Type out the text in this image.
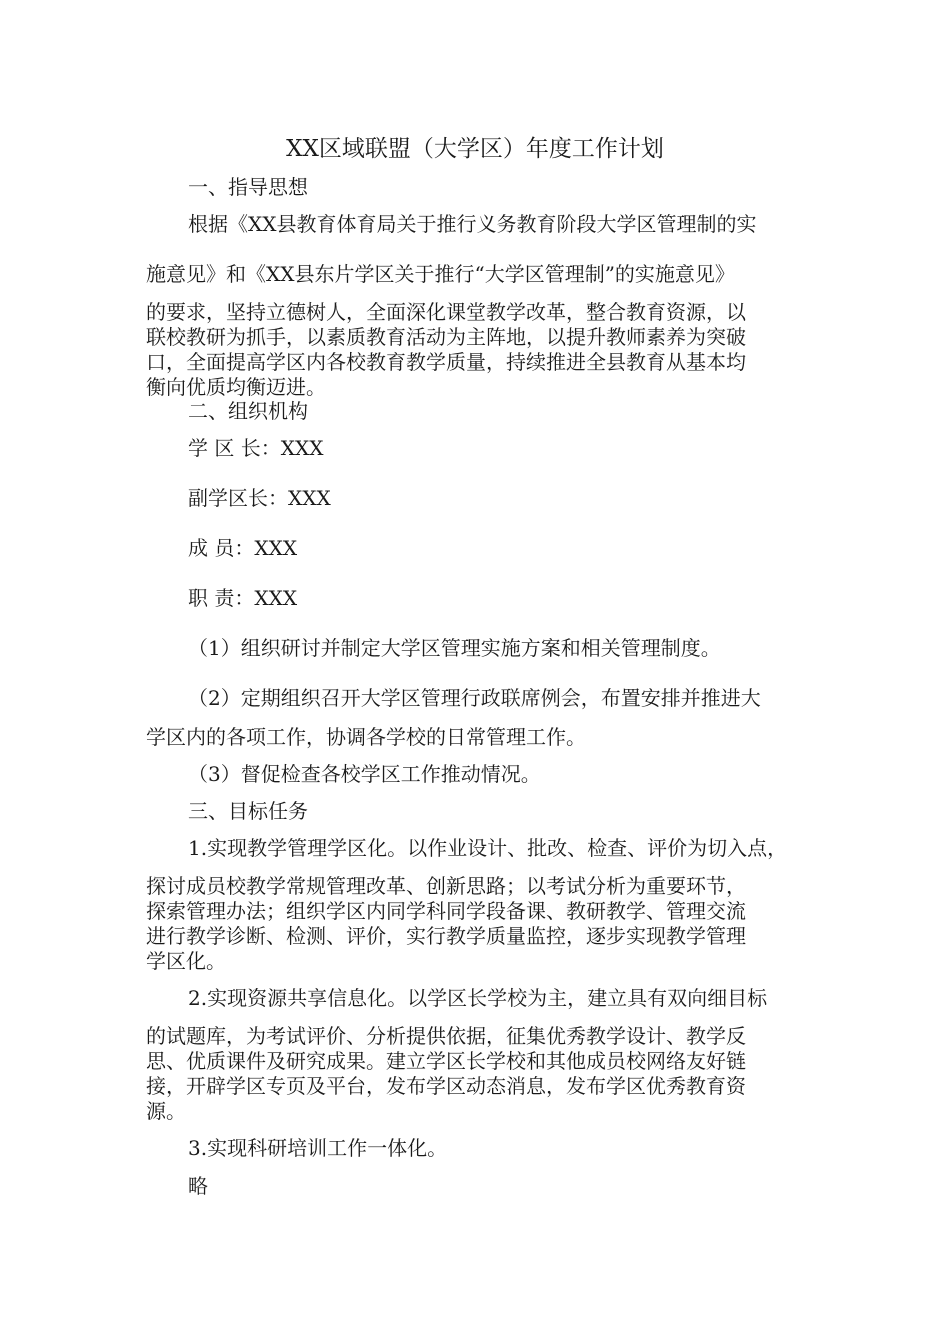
XX区域联盟（大学区）年度工作计划
一、指导思想
根据《XX县教育体育局关于推行义务教育阶段大学区管理制的实
施意见》和《XX县东片学区关于推行“大学区管理制”的实施意见》
的要求，坚持立德树人，全面深化课堂教学改革，整合教育资源，以
联校教研为抓手，以素质教育活动为主阵地，以提升教师素养为突破
口，全面提高学区内各校教育教学质量，持续推进全县教育从基本均
衡向优质均衡迈进。
二、组织机构
学 区 长：XXX
副学区长：XXX
成 员：XXX
职 责：XXX
（1）组织研讨并制定大学区管理实施方案和相关管理制度。
（2）定期组织召开大学区管理行政联席例会，布置安排并推进大
学区内的各项工作，协调各学校的日常管理工作。
（3）督促检查各校学区工作推动情况。
三、目标任务
1.实现教学管理学区化。以作业设计、批改、检查、评价为切入点，
探讨成员校教学常规管理改革、创新思路；以考试分析为重要环节，
探索管理办法；组织学区内同学科同学段备课、教研教学、管理交流
进行教学诊断、检测、评价，实行教学质量监控，逐步实现教学管理
学区化。
2.实现资源共享信息化。以学区长学校为主，建立具有双向细目标
的试题库，为考试评价、分析提供依据，征集优秀教学设计、教学反
思、优质课件及研究成果。建立学区长学校和其他成员校网络友好链
接，开辟学区专页及平台，发布学区动态消息，发布学区优秀教育资
源。
3.实现科研培训工作一体化。
略
